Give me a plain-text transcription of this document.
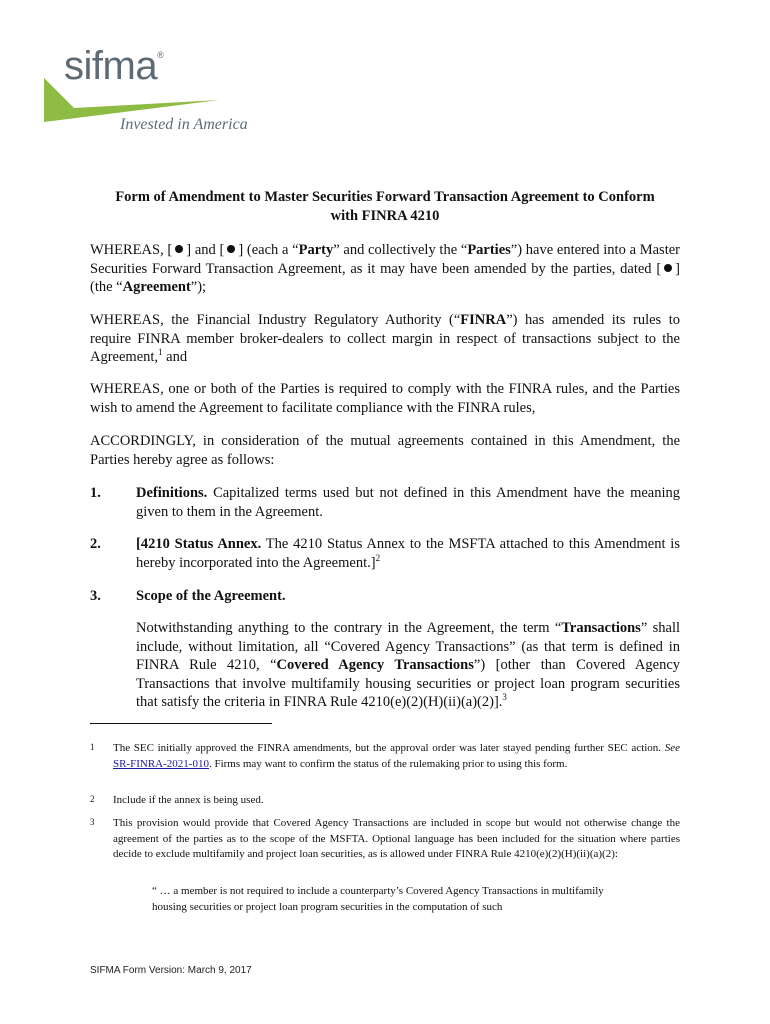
sifma®
Invested in America
Form of Amendment to Master Securities Forward Transaction Agreement to Conform
with FINRA 4210
WHEREAS, [ ] and [ ] (each a “Party” and collectively the “Parties”) have entered into a Master Securities Forward Transaction Agreement, as it may have been amended by the parties, dated [ ] (the “Agreement”);
WHEREAS, the Financial Industry Regulatory Authority (“FINRA”) has amended its rules to require FINRA member broker-dealers to collect margin in respect of transactions subject to the Agreement,$^1$ and
WHEREAS, one or both of the Parties is required to comply with the FINRA rules, and the Parties wish to amend the Agreement to facilitate compliance with the FINRA rules,
ACCORDINGLY, in consideration of the mutual agreements contained in this Amendment, the Parties hereby agree as follows:
1. Definitions. Capitalized terms used but not defined in this Amendment have the meaning given to them in the Agreement.
2. [4210 Status Annex. The 4210 Status Annex to the MSFTA attached to this Amendment is hereby incorporated into the Agreement.]$^2$
3. Scope of the Agreement.
Notwithstanding anything to the contrary in the Agreement, the term “Transactions” shall include, without limitation, all “Covered Agency Transactions” (as that term is defined in FINRA Rule 4210, “Covered Agency Transactions”) [other than Covered Agency Transactions that involve multifamily housing securities or project loan program securities that satisfy the criteria in FINRA Rule 4210(e)(2)(H)(ii)(a)(2)].$^3$
1 The SEC initially approved the FINRA amendments, but the approval order was later stayed pending further SEC action. See SR-FINRA-2021-010. Firms may want to confirm the status of the rulemaking prior to using this form.
2 Include if the annex is being used.
3 This provision would provide that Covered Agency Transactions are included in scope but would not otherwise change the agreement of the parties as to the scope of the MSFTA. Optional language has been included for the situation where parties decide to exclude multifamily and project loan securities, as is allowed under FINRA Rule 4210(e)(2)(H)(ii)(a)(2):
“ … a member is not required to include a counterparty’s Covered Agency Transactions in multifamily housing securities or project loan program securities in the computation of such
SIFMA Form Version: March 9, 2017
